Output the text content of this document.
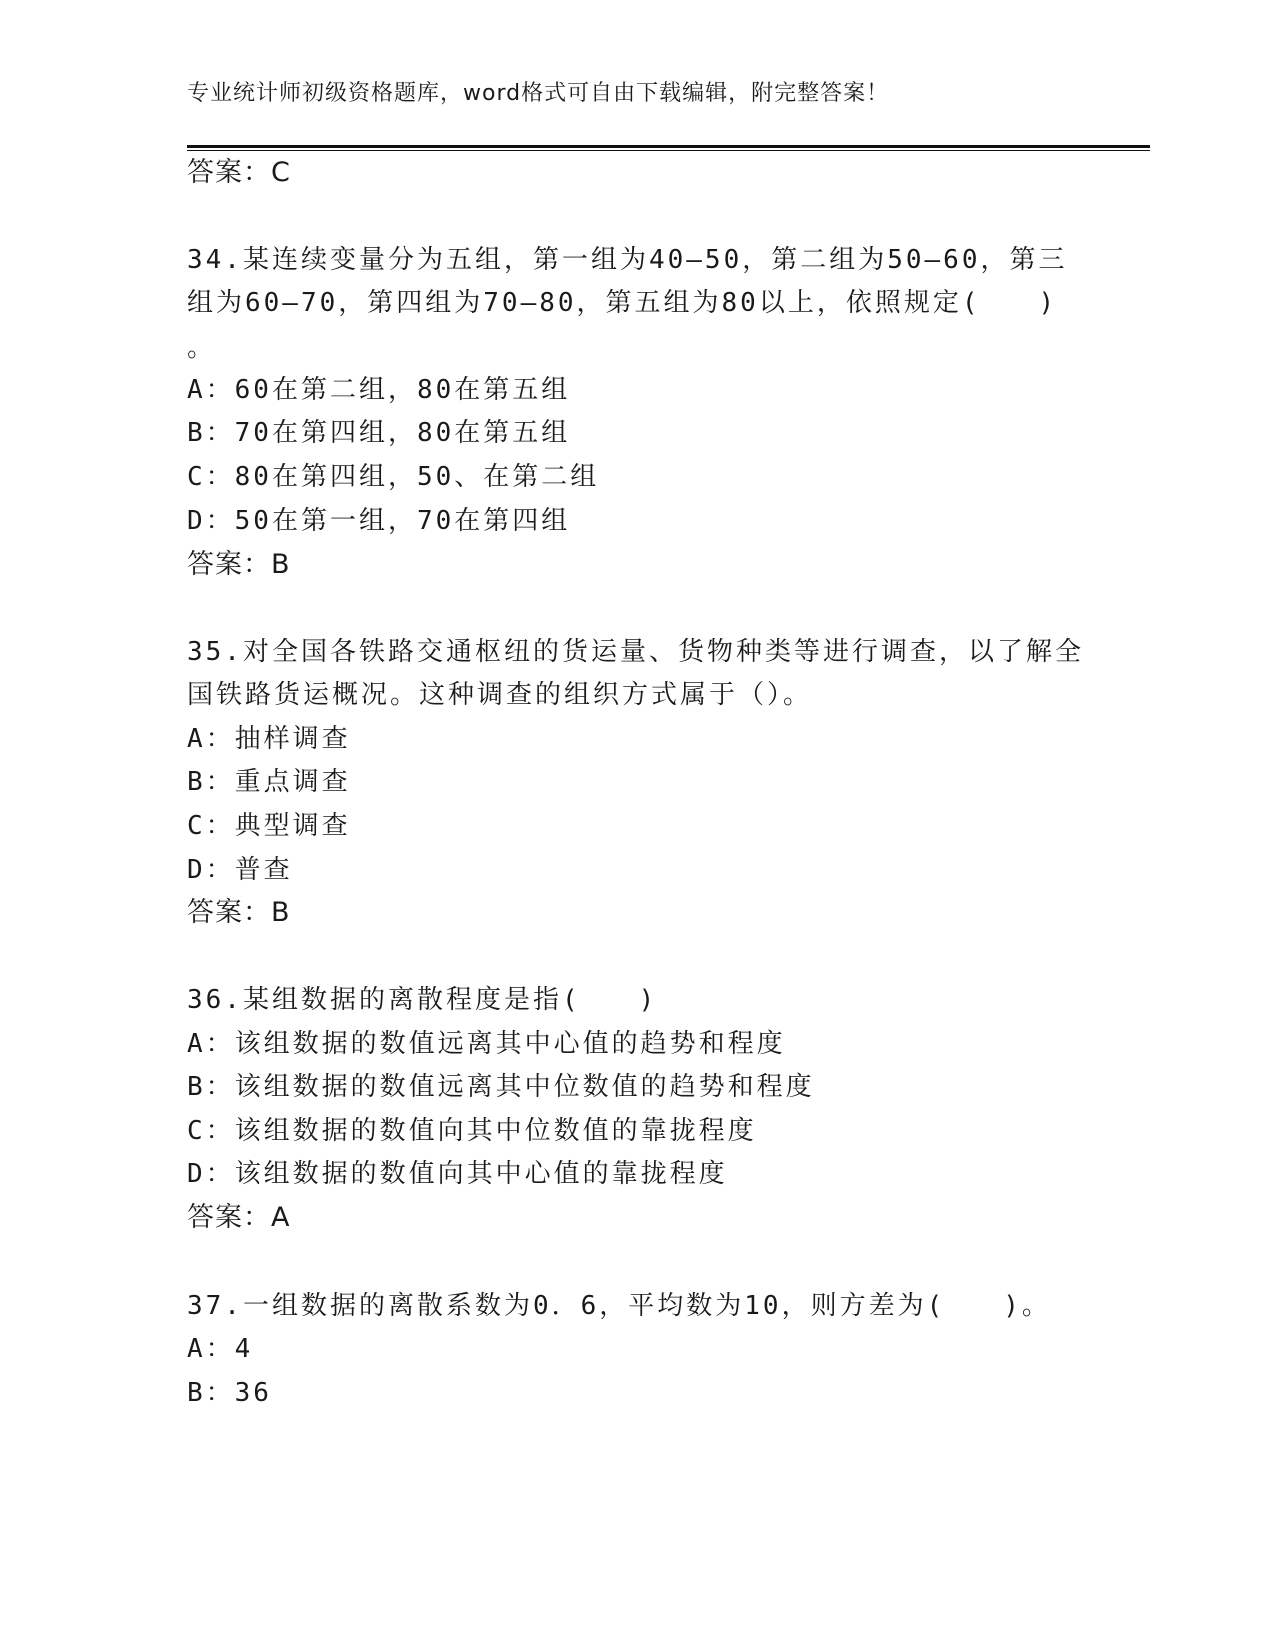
专业统计师初级资格题库，word格式可自由下载编辑，附完整答案！
答案：C
34.某连续变量分为五组，第一组为40—50，第二组为50—60，第三
组为60—70，第四组为70—80，第五组为80以上，依照规定(　　)
。
A：60在第二组，80在第五组
B：70在第四组，80在第五组
C：80在第四组，50、在第二组
D：50在第一组，70在第四组
答案：B
35.对全国各铁路交通枢纽的货运量、货物种类等进行调查，以了解全
国铁路货运概况。这种调查的组织方式属于（）。
A：抽样调查
B：重点调查
C：典型调查
D：普查
答案：B
36.某组数据的离散程度是指(　　)
A：该组数据的数值远离其中心值的趋势和程度
B：该组数据的数值远离其中位数值的趋势和程度
C：该组数据的数值向其中位数值的靠拢程度
D：该组数据的数值向其中心值的靠拢程度
答案：A
37.一组数据的离散系数为0．6，平均数为10，则方差为(　　)。
A：4
B：36
